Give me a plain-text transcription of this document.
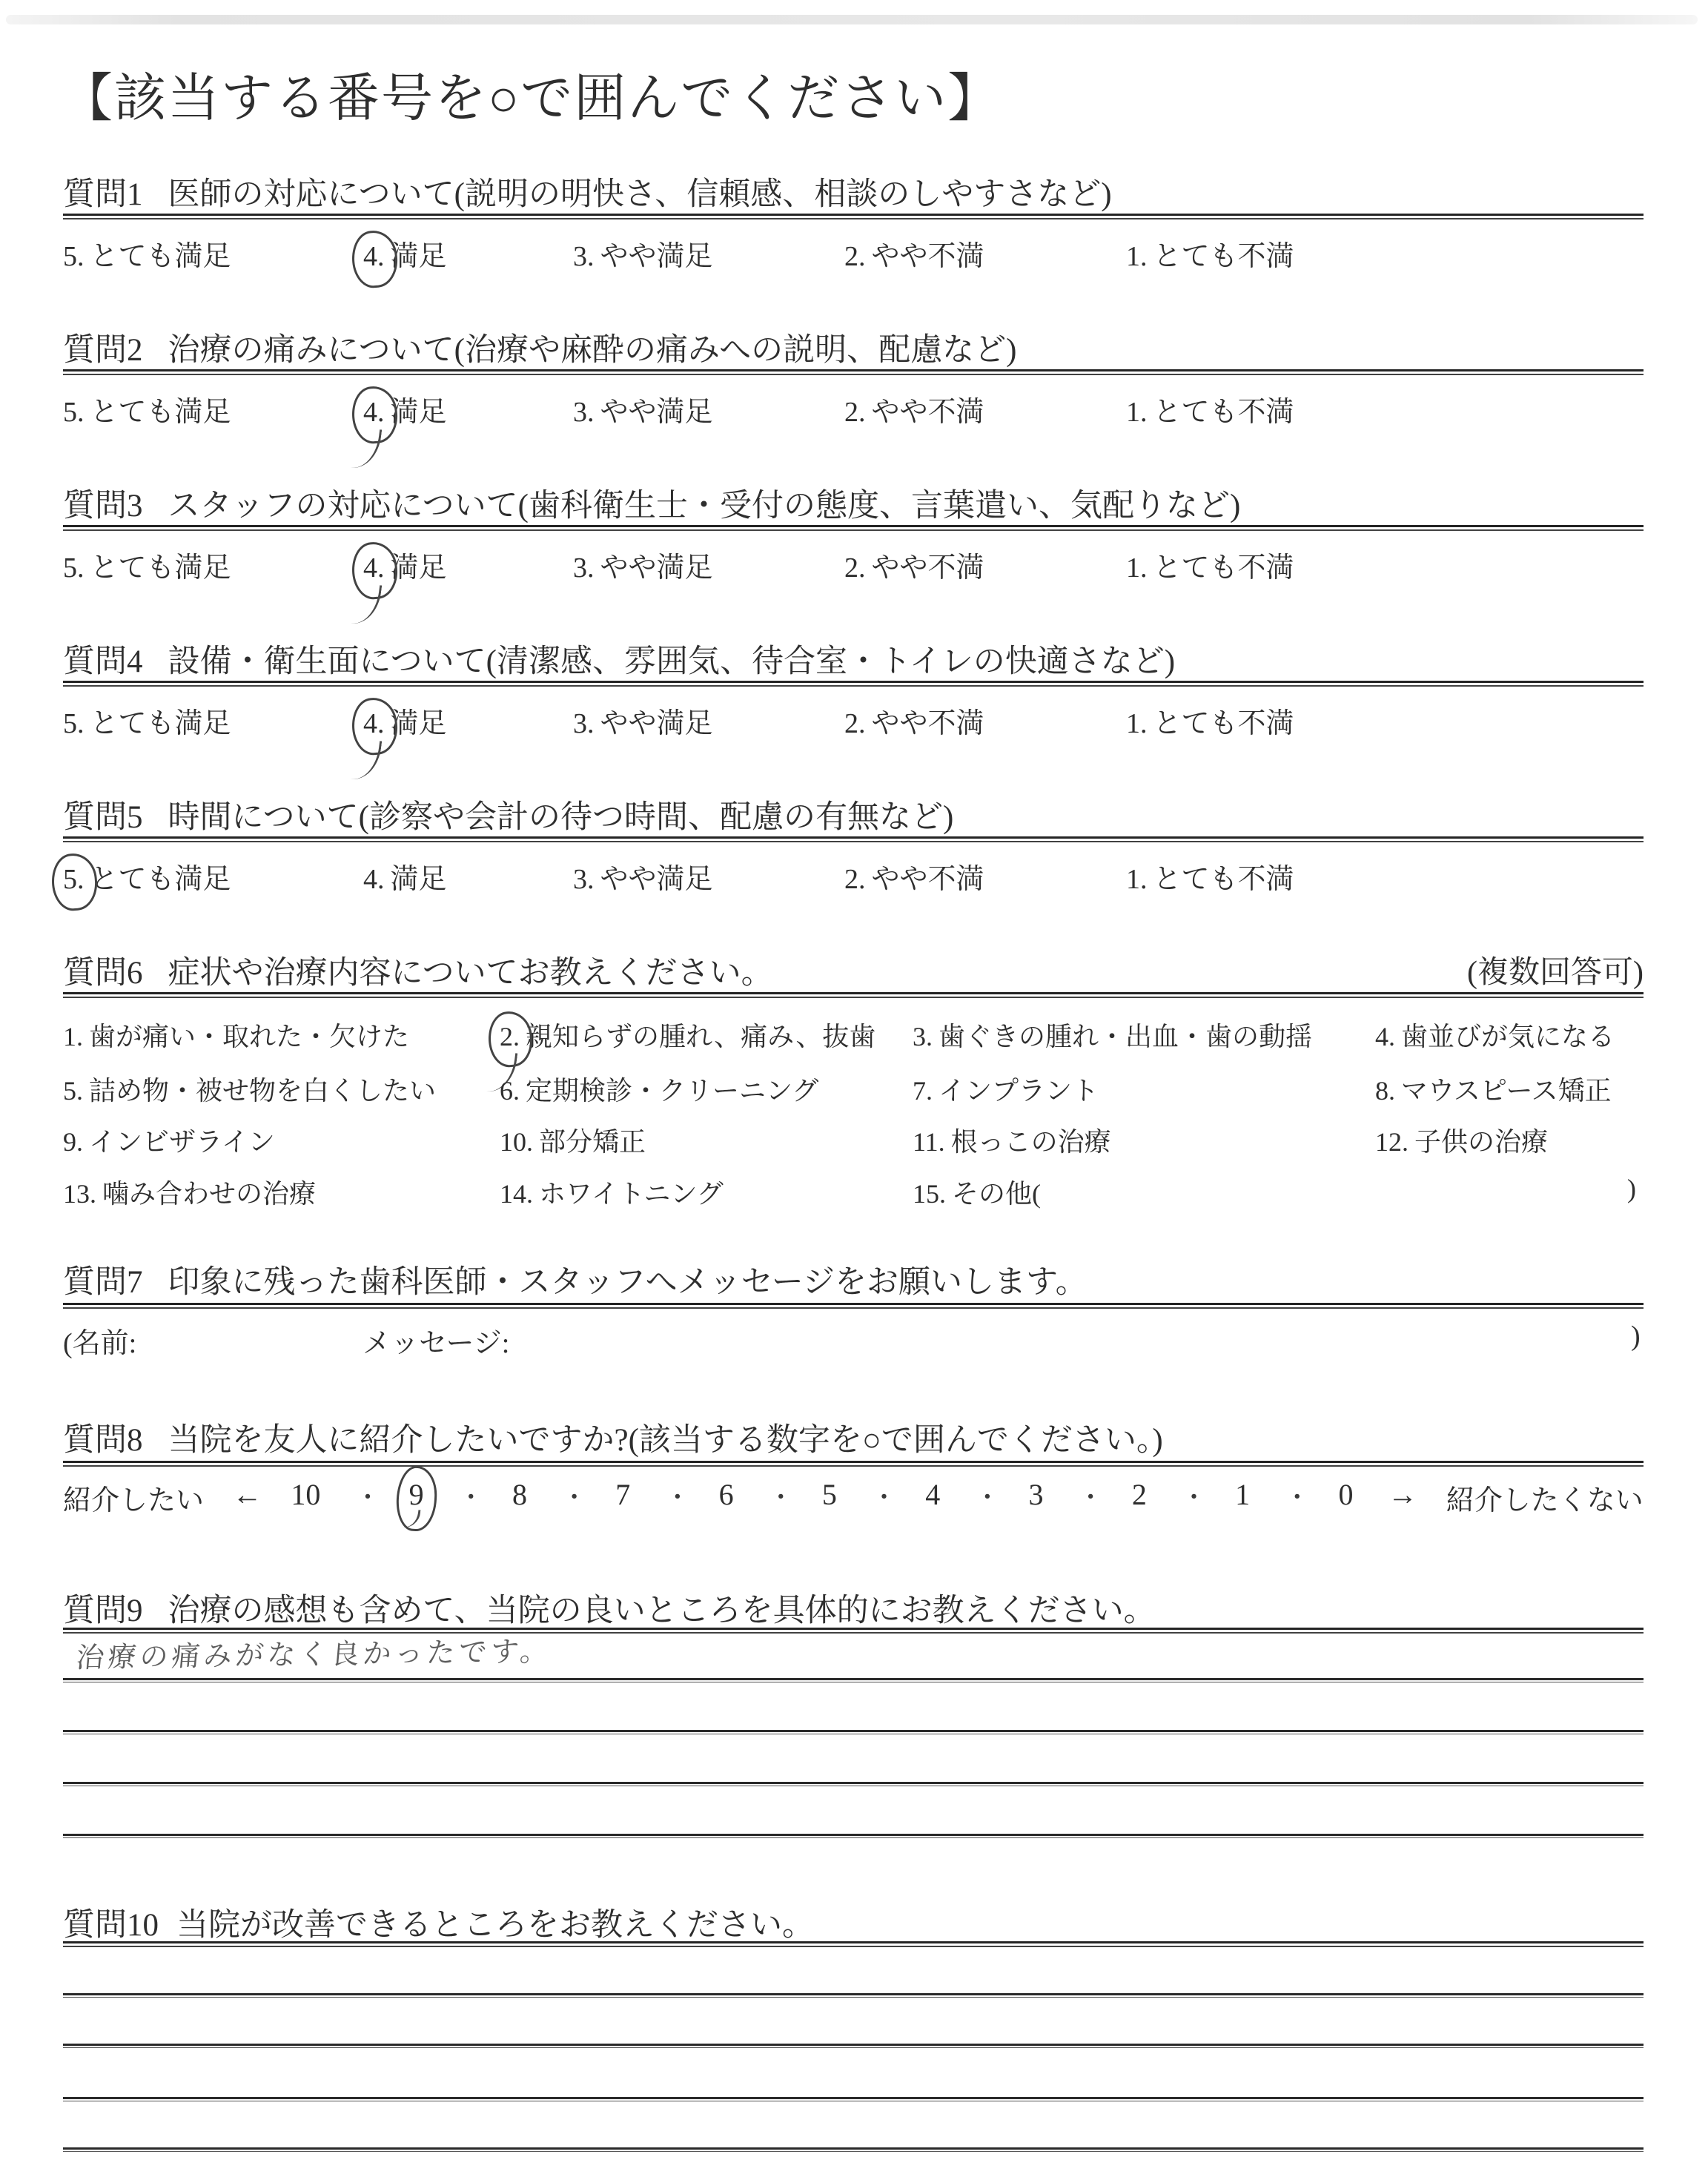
【該当する番号を○で囲んでください】
質問1 医師の対応について(説明の明快さ、信頼感、相談のしやすさなど)
5. とても満足	4. 満足	3. やや満足	2. やや不満	1. とても不満
質問2 治療の痛みについて(治療や麻酔の痛みへの説明、配慮など)
5. とても満足	4. 満足	3. やや満足	2. やや不満	1. とても不満
質問3 スタッフの対応について(歯科衛生士・受付の態度、言葉遣い、気配りなど)
5. とても満足	4. 満足	3. やや満足	2. やや不満	1. とても不満
質問4 設備・衛生面について(清潔感、雰囲気、待合室・トイレの快適さなど)
5. とても満足	4. 満足	3. やや満足	2. やや不満	1. とても不満
質問5 時間について(診察や会計の待つ時間、配慮の有無など)
5. とても満足	4. 満足	3. やや満足	2. やや不満	1. とても不満
質問6 症状や治療内容についてお教えください。	(複数回答可)
1. 歯が痛い・取れた・欠けた	2. 親知らずの腫れ、痛み、抜歯 3. 歯ぐきの腫れ・出血・歯の動揺 4. 歯並びが気になる
5. 詰め物・被せ物を白くしたい 6. 定期検診・クリーニング	7. インプラント	8. マウスピース矯正
9. インビザライン	10. 部分矯正	11. 根っこの治療	12. 子供の治療
13. 噛み合わせの治療	14. ホワイトニング	15. その他(	)
質問7 印象に残った歯科医師・スタッフへメッセージをお願いします。
(名前:	メッセージ:	)
質問8 当院を友人に紹介したいですか?(該当する数字を○で囲んでください。)
紹介したい ← 10 ・ 9 ・ 8 ・ 7 ・ 6 ・ 5 ・ 4 ・ 3 ・ 2 ・ 1 ・ 0 → 紹介したくない
質問9 治療の感想も含めて、当院の良いところを具体的にお教えください。
治療の痛みがなく良かったです。
質問10 当院が改善できるところをお教えください。
